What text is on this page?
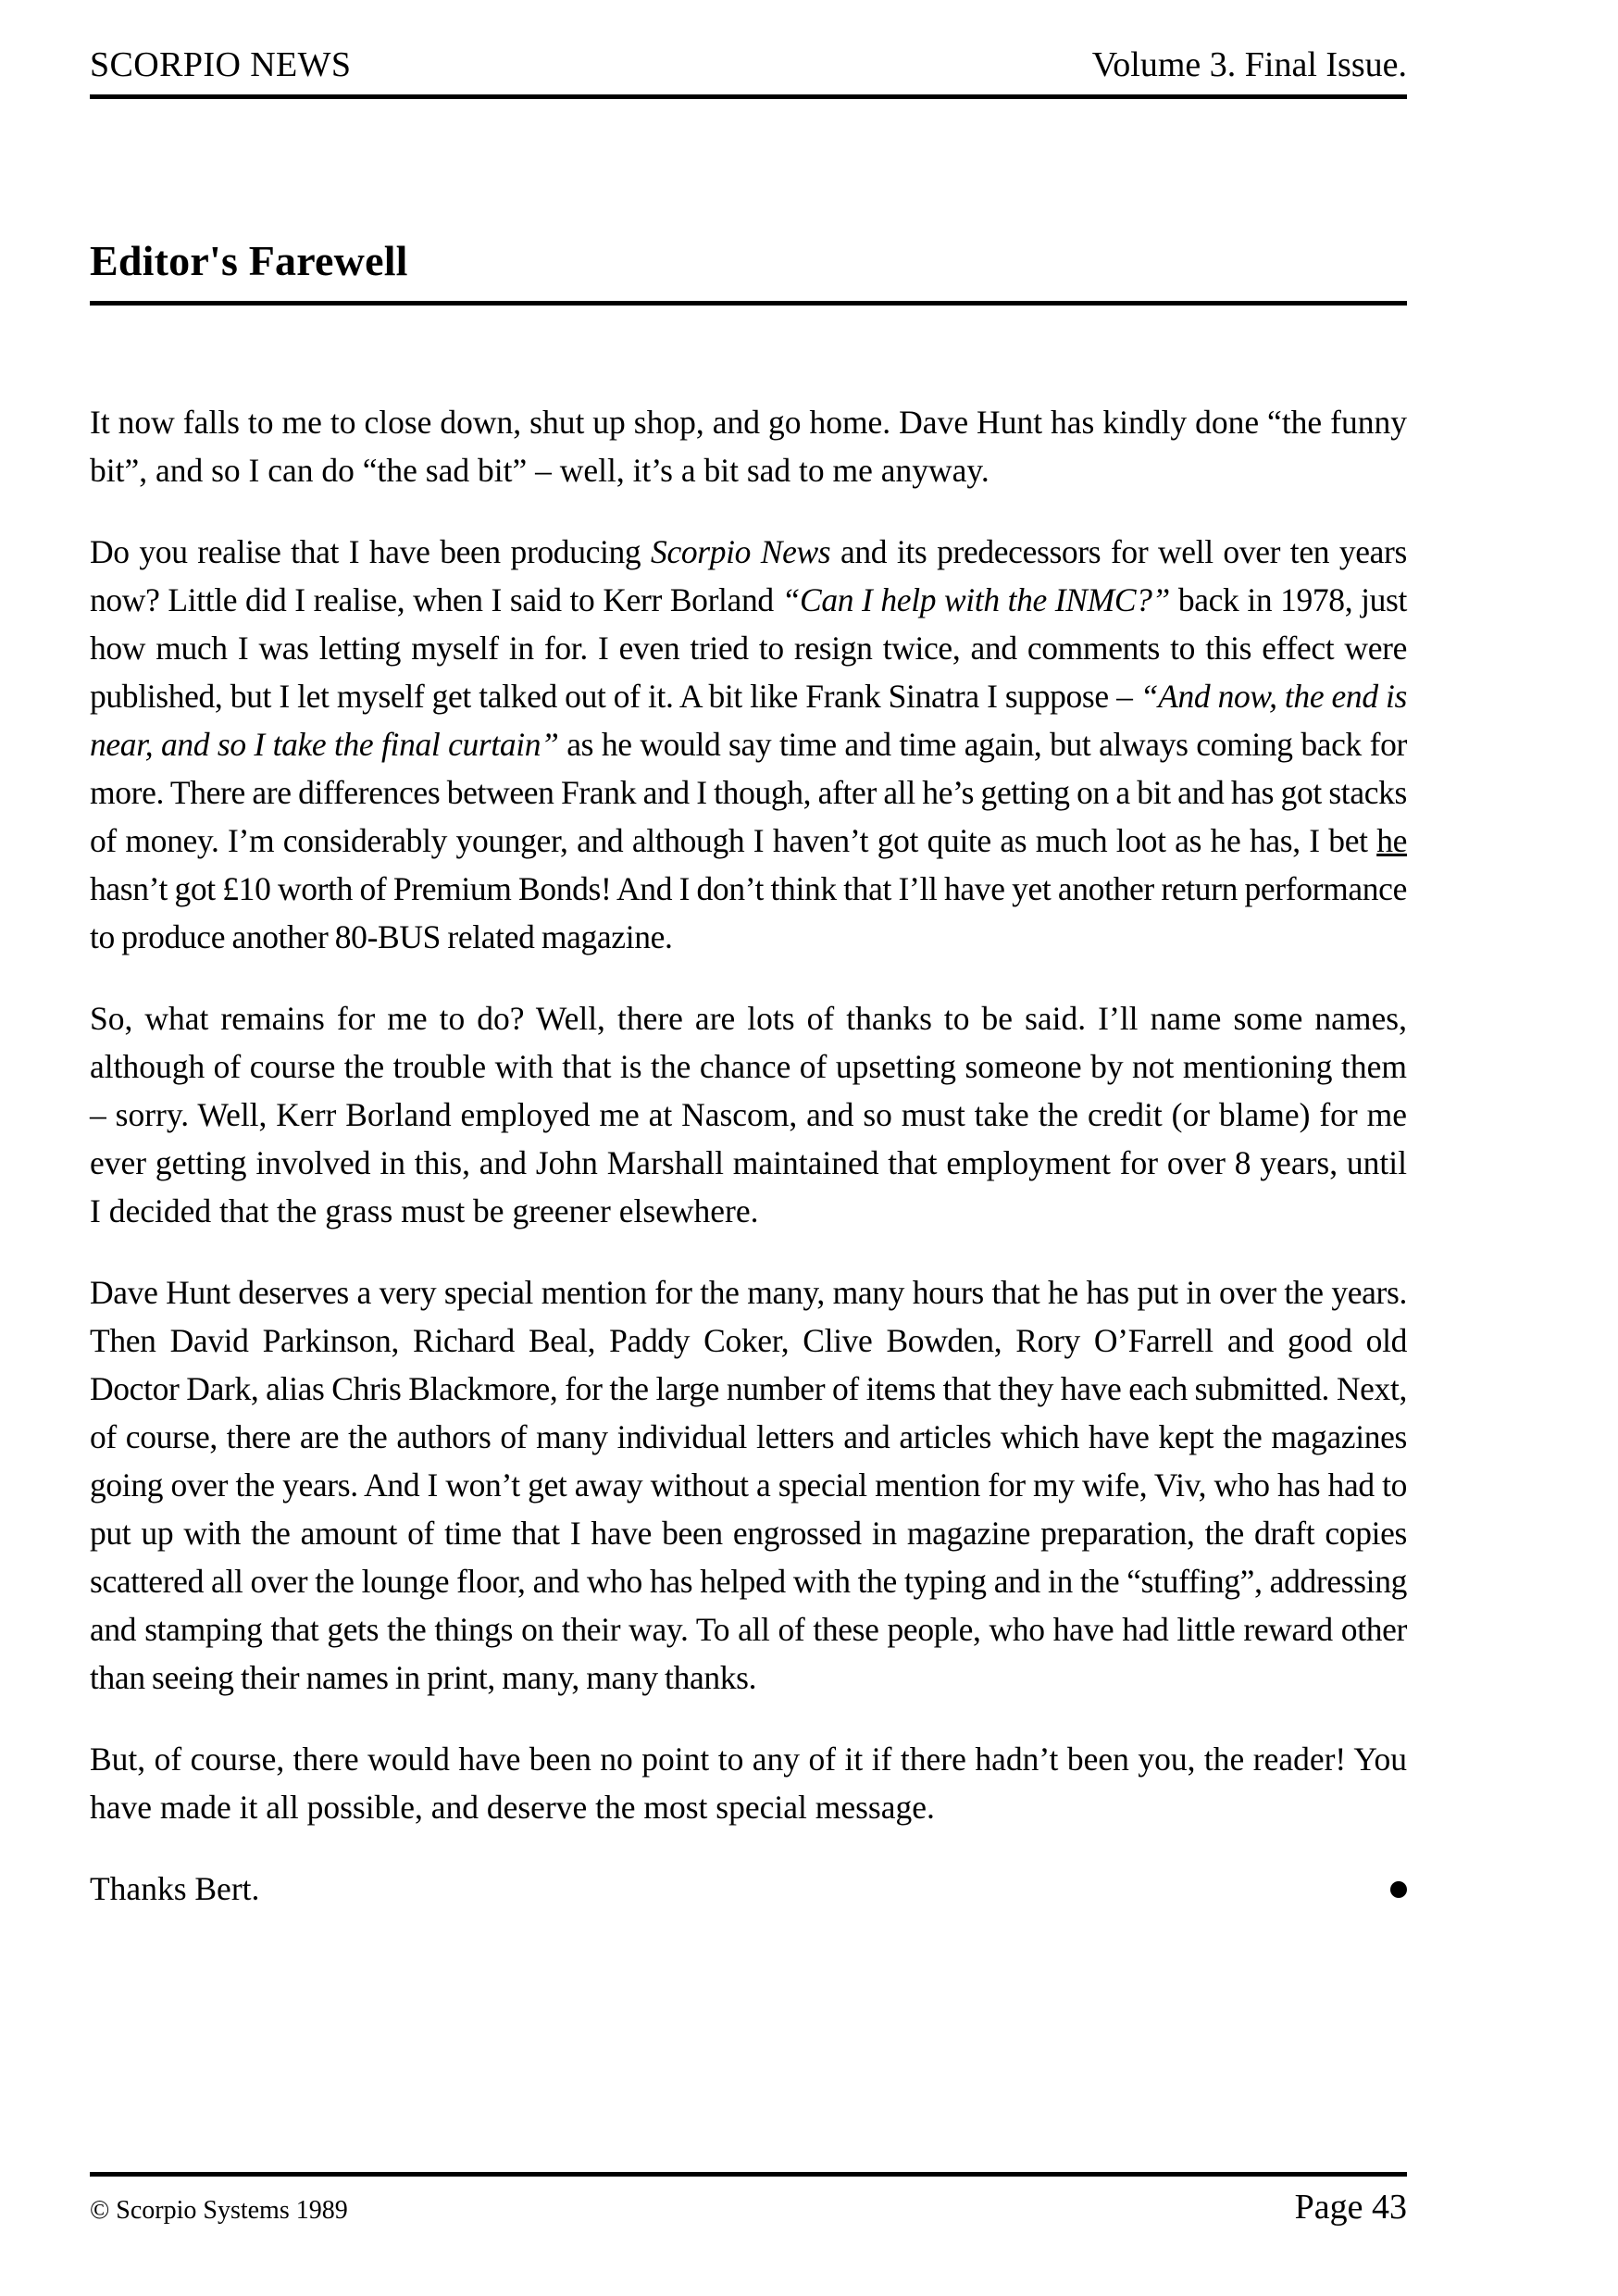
SCORPIO NEWS	Volume 3. Final Issue.
Editor's Farewell

It now falls to me to close down, shut up shop, and go home. Dave Hunt has kindly done “the funny bit”, and so I can do “the sad bit” – well, it’s a bit sad to me anyway.

Do you realise that I have been producing Scorpio News and its predecessors for well over ten years now? Little did I realise, when I said to Kerr Borland “Can I help with the INMC?” back in 1978, just how much I was letting myself in for. I even tried to resign twice, and comments to this effect were published, but I let myself get talked out of it. A bit like Frank Sinatra I suppose – “And now, the end is near, and so I take the final curtain” as he would say time and time again, but always coming back for more. There are differences between Frank and I though, after all he’s getting on a bit and has got stacks of money. I’m considerably younger, and although I haven’t got quite as much loot as he has, I bet he hasn’t got £10 worth of Premium Bonds! And I don’t think that I’ll have yet another return performance to produce another 80-BUS related magazine.

So, what remains for me to do? Well, there are lots of thanks to be said. I’ll name some names, although of course the trouble with that is the chance of upsetting someone by not mentioning them – sorry. Well, Kerr Borland employed me at Nascom, and so must take the credit (or blame) for me ever getting involved in this, and John Marshall maintained that employment for over 8 years, until I decided that the grass must be greener elsewhere.

Dave Hunt deserves a very special mention for the many, many hours that he has put in over the years. Then David Parkinson, Richard Beal, Paddy Coker, Clive Bowden, Rory O’Farrell and good old Doctor Dark, alias Chris Blackmore, for the large number of items that they have each submitted. Next, of course, there are the authors of many individual letters and articles which have kept the magazines going over the years. And I won’t get away without a special mention for my wife, Viv, who has had to put up with the amount of time that I have been engrossed in magazine preparation, the draft copies scattered all over the lounge floor, and who has helped with the typing and in the “stuffing”, addressing and stamping that gets the things on their way. To all of these people, who have had little reward other than seeing their names in print, many, many thanks.

But, of course, there would have been no point to any of it if there hadn’t been you, the reader! You have made it all possible, and deserve the most special message.

Thanks Bert.
© Scorpio Systems 1989	Page 43
